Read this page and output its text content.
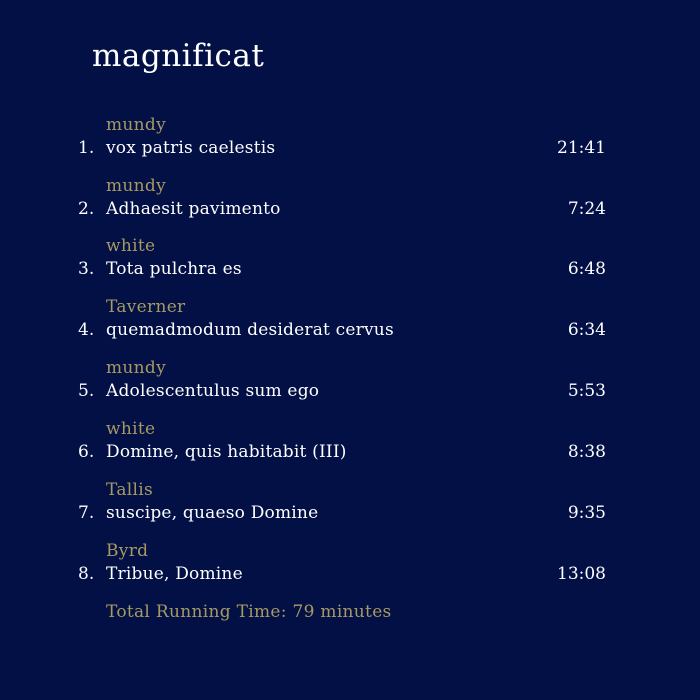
magnificat
mundy
1. vox patris caelestis	21:41
mundy
2. Adhaesit pavimento	7:24
white
3. Tota pulchra es	6:48
Taverner
4. quemadmodum desiderat cervus	6:34
mundy
5. Adolescentulus sum ego	5:53
white
6. Domine, quis habitabit (III)	8:38
Tallis
7. suscipe, quaeso Domine	9:35
Byrd
8. Tribue, Domine	13:08
Total Running Time: 79 minutes
